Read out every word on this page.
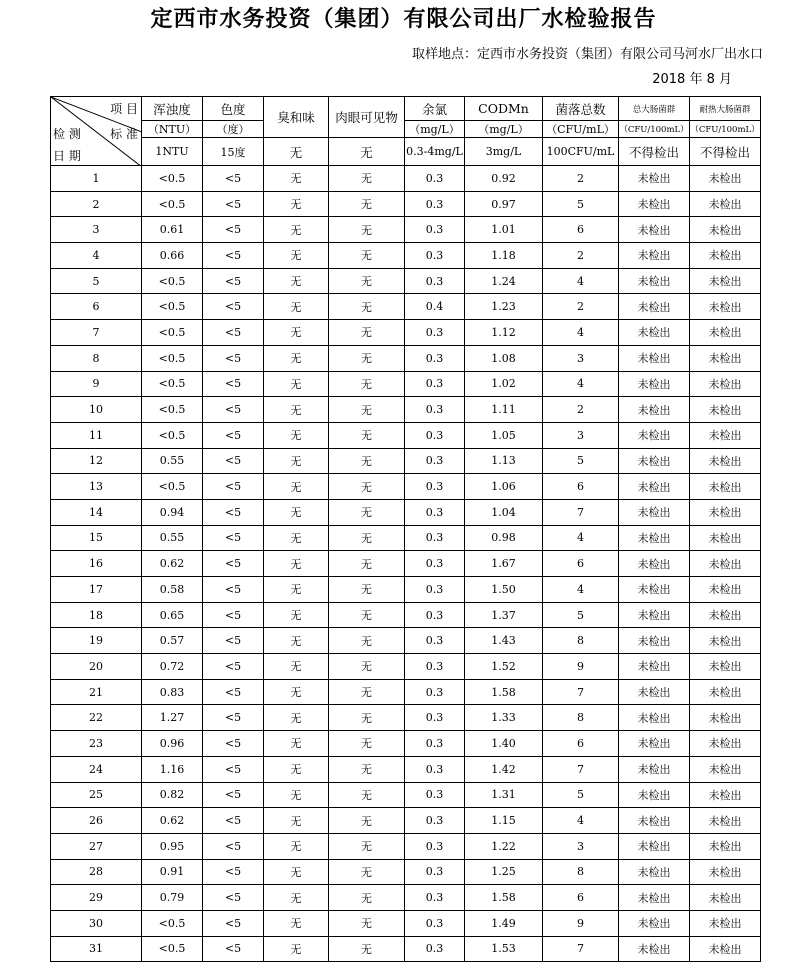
定西市水务投资（集团）有限公司出厂水检验报告
取样地点：定西市水务投资（集团）有限公司马河水厂出水口
2018 年 8 月
项 目
检 测 标 准
日 期	浑浊度	色度	臭和味	肉眼可见物	余氯	CODMn	菌落总数	总大肠菌群	耐热大肠菌群
	（NTU）	（度）			（mg/L）	（mg/L）	（CFU/mL）	（CFU/100mL）	（CFU/100mL）
	1NTU	15度	无	无	0.3-4mg/L	3mg/L	100CFU/mL	不得检出	不得检出
1	<0.5	<5	无	无	0.3	0.92	2	未检出	未检出
2	<0.5	<5	无	无	0.3	0.97	5	未检出	未检出
3	0.61	<5	无	无	0.3	1.01	6	未检出	未检出
4	0.66	<5	无	无	0.3	1.18	2	未检出	未检出
5	<0.5	<5	无	无	0.3	1.24	4	未检出	未检出
6	<0.5	<5	无	无	0.4	1.23	2	未检出	未检出
7	<0.5	<5	无	无	0.3	1.12	4	未检出	未检出
8	<0.5	<5	无	无	0.3	1.08	3	未检出	未检出
9	<0.5	<5	无	无	0.3	1.02	4	未检出	未检出
10	<0.5	<5	无	无	0.3	1.11	2	未检出	未检出
11	<0.5	<5	无	无	0.3	1.05	3	未检出	未检出
12	0.55	<5	无	无	0.3	1.13	5	未检出	未检出
13	<0.5	<5	无	无	0.3	1.06	6	未检出	未检出
14	0.94	<5	无	无	0.3	1.04	7	未检出	未检出
15	0.55	<5	无	无	0.3	0.98	4	未检出	未检出
16	0.62	<5	无	无	0.3	1.67	6	未检出	未检出
17	0.58	<5	无	无	0.3	1.50	4	未检出	未检出
18	0.65	<5	无	无	0.3	1.37	5	未检出	未检出
19	0.57	<5	无	无	0.3	1.43	8	未检出	未检出
20	0.72	<5	无	无	0.3	1.52	9	未检出	未检出
21	0.83	<5	无	无	0.3	1.58	7	未检出	未检出
22	1.27	<5	无	无	0.3	1.33	8	未检出	未检出
23	0.96	<5	无	无	0.3	1.40	6	未检出	未检出
24	1.16	<5	无	无	0.3	1.42	7	未检出	未检出
25	0.82	<5	无	无	0.3	1.31	5	未检出	未检出
26	0.62	<5	无	无	0.3	1.15	4	未检出	未检出
27	0.95	<5	无	无	0.3	1.22	3	未检出	未检出
28	0.91	<5	无	无	0.3	1.25	8	未检出	未检出
29	0.79	<5	无	无	0.3	1.58	6	未检出	未检出
30	<0.5	<5	无	无	0.3	1.49	9	未检出	未检出
31	<0.5	<5	无	无	0.3	1.53	7	未检出	未检出
